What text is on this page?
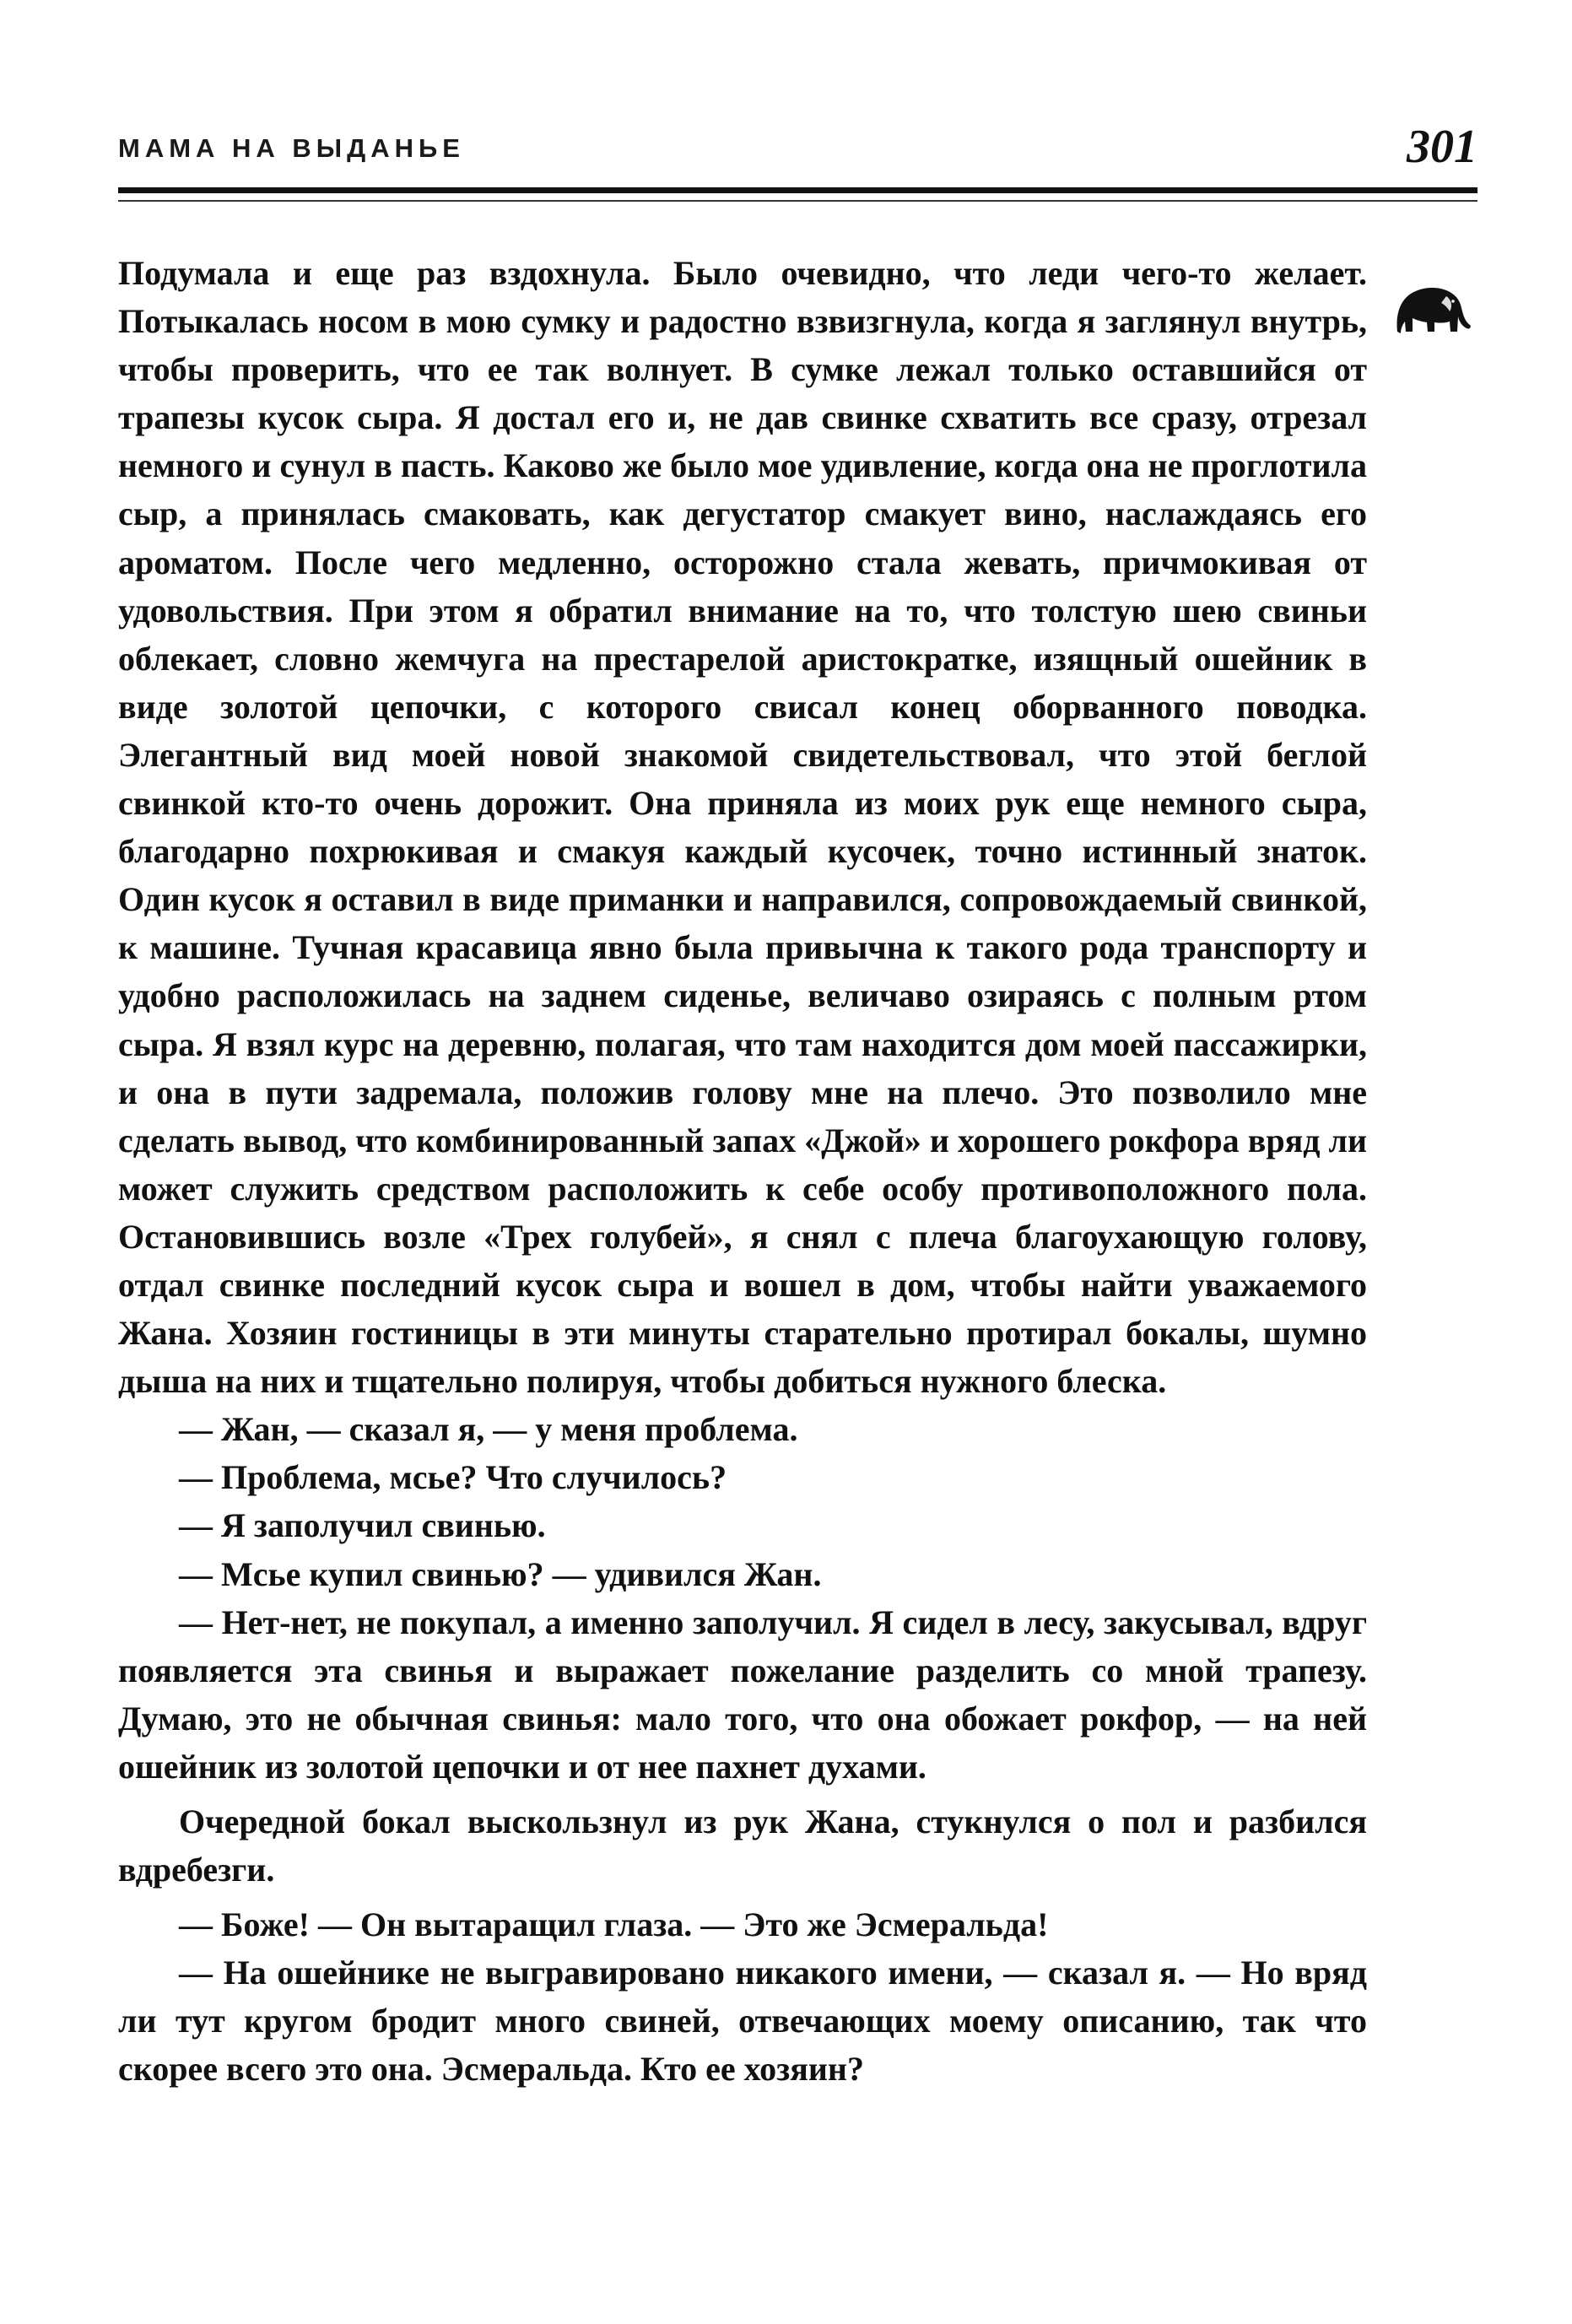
МАМА НА ВЫДАНЬЕ	301

Подумала и еще раз вздохнула. Было очевидно, что леди чего-то желает. Потыкалась носом в мою сумку и радостно взвизгнула, когда я заглянул внутрь, чтобы проверить, что ее так волнует. В сумке лежал только оставшийся от трапезы кусок сыра. Я достал его и, не дав свинке схватить все сразу, отрезал немного и сунул в пасть. Каково же было мое удивление, когда она не проглотила сыр, а принялась смаковать, как дегустатор смакует вино, наслаждаясь его ароматом. После чего медленно, осторожно стала жевать, причмокивая от удовольствия. При этом я обратил внимание на то, что толстую шею свиньи облекает, словно жемчуга на престарелой аристократке, изящный ошейник в виде золотой цепочки, с которого свисал конец оборванного поводка. Элегантный вид моей новой знакомой свидетельствовал, что этой беглой свинкой кто-то очень дорожит. Она приняла из моих рук еще немного сыра, благодарно похрюкивая и смакуя каждый кусочек, точно истинный знаток. Один кусок я оставил в виде приманки и направился, сопровождаемый свинкой, к машине. Тучная красавица явно была привычна к такого рода транспорту и удобно расположилась на заднем сиденье, величаво озираясь с полным ртом сыра. Я взял курс на деревню, полагая, что там находится дом моей пассажирки, и она в пути задремала, положив голову мне на плечо. Это позволило мне сделать вывод, что комбинированный запах «Джой» и хорошего рокфора вряд ли может служить средством расположить к себе особу противоположного пола. Остановившись возле «Трех голубей», я снял с плеча благоухающую голову, отдал свинке последний кусок сыра и вошел в дом, чтобы найти уважаемого Жана. Хозяин гостиницы в эти минуты старательно протирал бокалы, шумно дыша на них и тщательно полируя, чтобы добиться нужного блеска.

— Жан, — сказал я, — у меня проблема.

— Проблема, мсье? Что случилось?

— Я заполучил свинью.

— Мсье купил свинью? — удивился Жан.

— Нет-нет, не покупал, а именно заполучил. Я сидел в лесу, закусывал, вдруг появляется эта свинья и выражает пожелание разделить со мной трапезу. Думаю, это не обычная свинья: мало того, что она обожает рокфор, — на ней ошейник из золотой цепочки и от нее пахнет духами.

Очередной бокал выскользнул из рук Жана, стукнулся о пол и разбился вдребезги.

— Боже! — Он вытаращил глаза. — Это же Эсмеральда!

— На ошейнике не выгравировано никакого имени, — сказал я. — Но вряд ли тут кругом бродит много свиней, отвечающих моему описанию, так что скорее всего это она. Эсмеральда. Кто ее хозяин?
